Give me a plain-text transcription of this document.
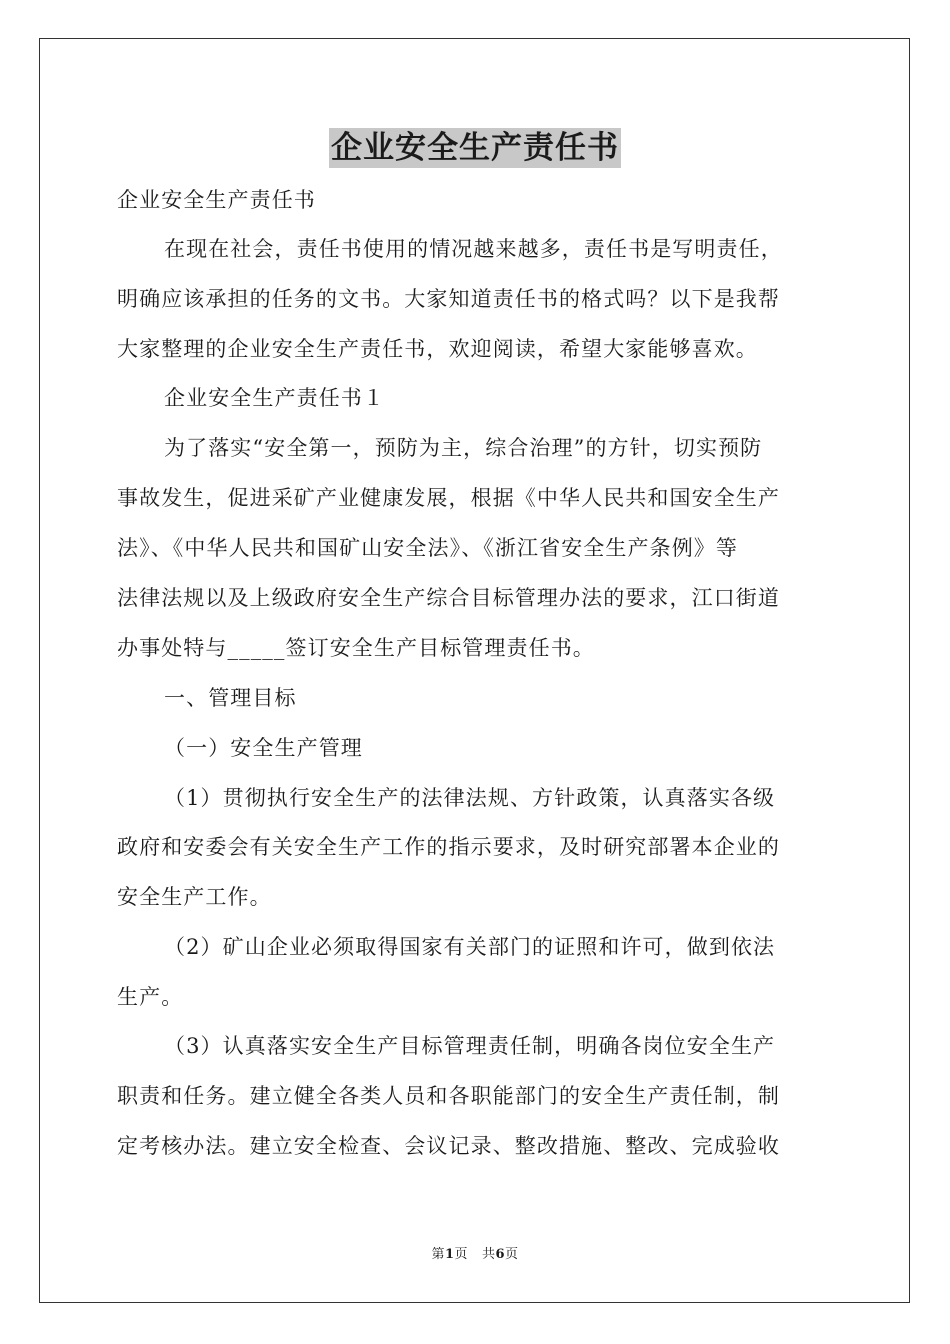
企业安全生产责任书
企业安全生产责任书
在现在社会，责任书使用的情况越来越多，责任书是写明责任，
明确应该承担的任务的文书。大家知道责任书的格式吗？以下是我帮
大家整理的企业安全生产责任书，欢迎阅读，希望大家能够喜欢。
企业安全生产责任书１
为了落实“安全第一，预防为主，综合治理”的方针，切实预防
事故发生，促进采矿产业健康发展，根据《中华人民共和国安全生产
法》、《中华人民共和国矿山安全法》、《浙江省安全生产条例》等
法律法规以及上级政府安全生产综合目标管理办法的要求，江口街道
办事处特与_____签订安全生产目标管理责任书。
一、管理目标
（一）安全生产管理
（1）贯彻执行安全生产的法律法规、方针政策，认真落实各级
政府和安委会有关安全生产工作的指示要求，及时研究部署本企业的
安全生产工作。
（2）矿山企业必须取得国家有关部门的证照和许可，做到依法
生产。
（3）认真落实安全生产目标管理责任制，明确各岗位安全生产
职责和任务。建立健全各类人员和各职能部门的安全生产责任制，制
定考核办法。建立安全检查、会议记录、整改措施、整改、完成验收
第1页 共6页
